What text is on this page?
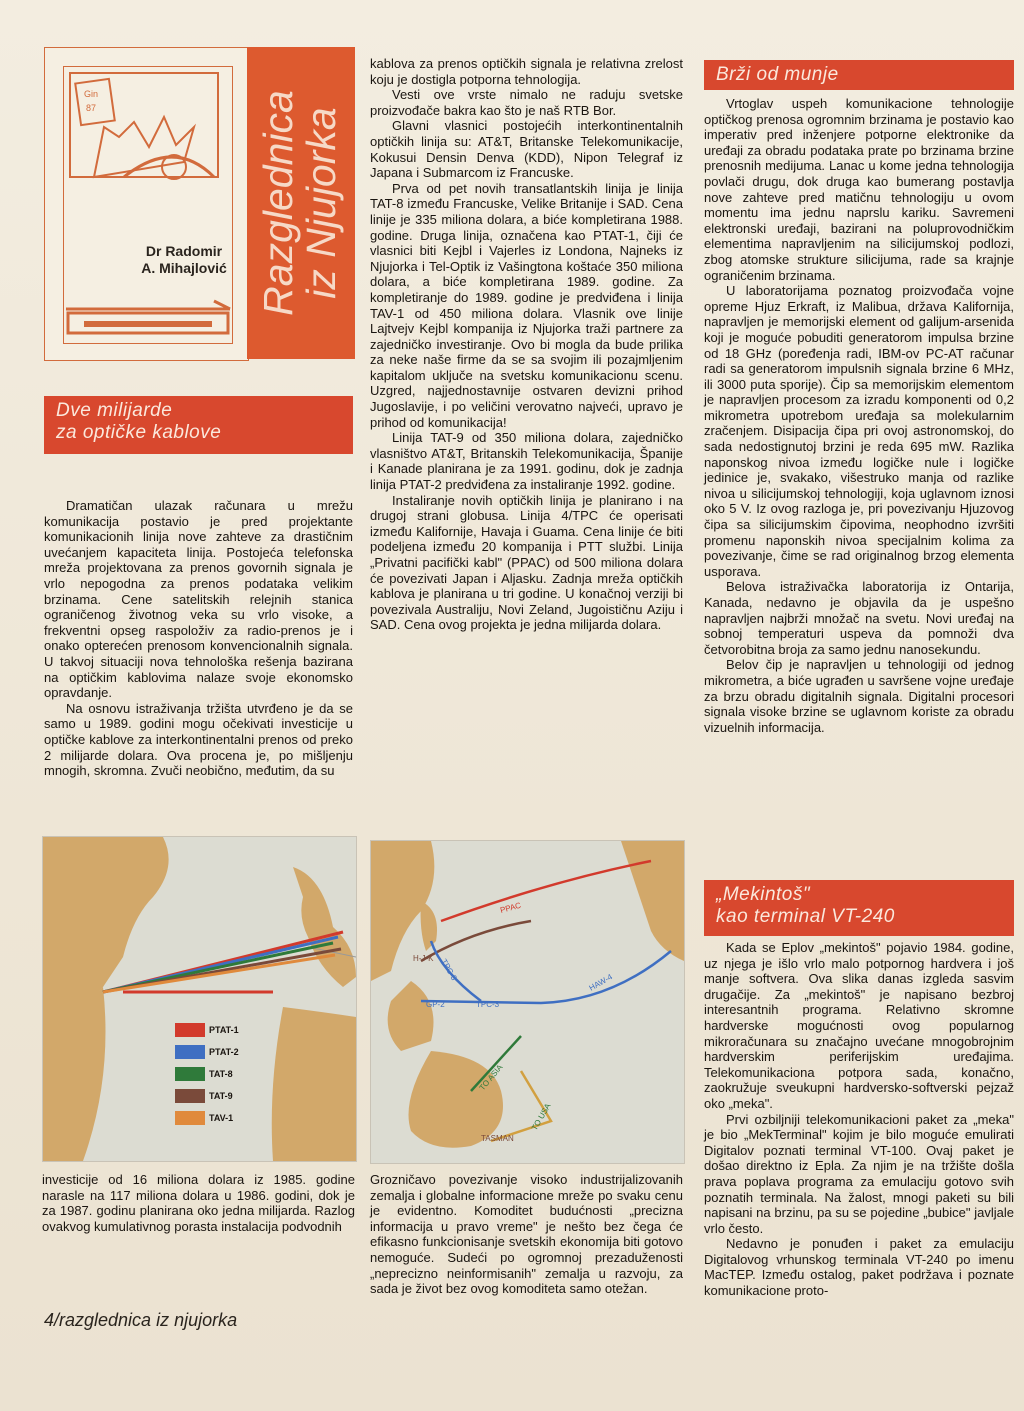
Gin
87
Dr Radomir
A. Mihajlović Razglednica
iz Njujorka
Dve milijarde
za optičke kablove

Dramatičan ulazak računara u mrežu komunikacija postavio je pred projektante komunikacionih linija nove zahteve za drastičnim uvećanjem kapaciteta linija. Postojeća telefonska mreža projektovana za prenos govornih signala je vrlo nepogodna za prenos podataka velikim brzinama. Cene satelitskih relejnih stanica ograničenog životnog veka su vrlo visoke, a frekventni opseg raspoloživ za radio-prenos je i onako opterećen prenosom konvencionalnih signala. U takvoj situaciji nova tehnološka rešenja bazirana na optičkim kablovima nalaze svoje ekonomsko opravdanje.

Na osnovu istraživanja tržišta utvrđeno je da se samo u 1989. godini mogu očekivati investicije u optičke kablove za interkontinentalni prenos od preko 2 milijarde dolara. Ova procena je, po mišljenju mnogih, skromna. Zvuči neobično, međutim, da su

kablova za prenos optičkih signala je relativna zrelost koju je dostigla potporna tehnologija.

Vesti ove vrste nimalo ne raduju svetske proizvođače bakra kao što je naš RTB Bor.

Glavni vlasnici postojećih interkontinentalnih optičkih linija su: AT&T, Britanske Telekomunikacije, Kokusui Densin Denva (KDD), Nipon Telegraf iz Japana i Submarcom iz Francuske.

Prva od pet novih transatlantskih linija je linija TAT-8 između Francuske, Velike Britanije i SAD. Cena linije je 335 miliona dolara, a biće kompletirana 1988. godine. Druga linija, označena kao PTAT-1, čiji će vlasnici biti Kejbl i Vajerles iz Londona, Najneks iz Njujorka i Tel-Optik iz Vašingtona koštaće 350 miliona dolara, a biće kompletirana 1989. godine. Za kompletiranje do 1989. godine je predviđena i linija TAV-1 od 450 miliona dolara. Vlasnik ove linije Lajtvejv Kejbl kompanija iz Njujorka traži partnere za zajedničko investiranje. Ovo bi mogla da bude prilika za neke naše firme da se sa svojim ili pozajmljenim kapitalom uključe na svetsku komunikacionu scenu. Uzgred, najjednostavnije ostvaren devizni prihod Jugoslavije, i po veličini verovatno najveći, upravo je prihod od komunikacija!

Linija TAT-9 od 350 miliona dolara, zajedničko vlasništvo AT&T, Britanskih Telekomunikacija, Španije i Kanade planirana je za 1991. godinu, dok je zadnja linija PTAT-2 predviđena za instaliranje 1992. godine.

Instaliranje novih optičkih linija je planirano i na drugoj strani globusa. Linija 4/TPC će operisati između Kalifornije, Havaja i Guama. Cena linije će biti podeljena između 20 kompanija i PTT službi. Linija „Privatni pacifički kabl" (PPAC) od 500 miliona dolara će povezivati Japan i Aljasku. Zadnja mreža optičkih kablova je planirana u tri godine. U konačnoj verziji bi povezivala Australiju, Novi Zeland, Jugoističnu Aziju i SAD. Cena ovog projekta je jedna milijarda dolara.

PTAT-1
PTAT-2
TAT-8
TAT-9
TAV-1
PPAC
H-J-K TPC-3
TPC-3
GP-2
HAW-4
TO ASIA
TO USA
TASMAN

investicije od 16 miliona dolara iz 1985. godine narasle na 117 miliona dolara u 1986. godini, dok je za 1987. godinu planirana oko jedna milijarda. Razlog ovakvog kumulativnog porasta instalacija podvodnih

Grozničavo povezivanje visoko industrijalizovanih zemalja i globalne informacione mreže po svaku cenu je evidentno. Komoditet budućnosti „precizna informacija u pravo vreme" je nešto bez čega će efikasno funkcionisanje svetskih ekonomija biti gotovo nemoguće. Sudeći po ogromnoj prezaduženosti „neprecizno neinformisanih" zemalja u razvoju, za sada je život bez ovog komoditeta samo otežan.

4/razglednica iz njujorka
Brži od munje

Vrtoglav uspeh komunikacione tehnologije optičkog prenosa ogromnim brzinama je postavio kao imperativ pred inženjere potporne elektronike da uređaji za obradu podataka prate po brzinama brzine prenosnih medijuma. Lanac u kome jedna tehnologija povlači drugu, dok druga kao bumerang postavlja nove zahteve pred matičnu tehnologiju u ovom momentu ima jednu naprslu kariku. Savremeni elektronski uređaji, bazirani na poluprovodničkim elementima napravljenim na silicijumskoj podlozi, zbog atomske strukture silicijuma, rade sa krajnje ograničenim brzinama.

U laboratorijama poznatog proizvođača vojne opreme Hjuz Erkraft, iz Malibua, država Kalifornija, napravljen je memorijski element od galijum-arsenida koji je moguće pobuditi generatorom impulsa brzine od 18 GHz (poređenja radi, IBM-ov PC-AT računar radi sa generatorom impulsnih signala brzine 6 MHz, ili 3000 puta sporije). Čip sa memorijskim elementom je napravljen procesom za izradu komponenti od 0,2 mikrometra upotrebom uređaja sa molekularnim zračenjem. Disipacija čipa pri ovoj astronomskoj, do sada nedostignutoj brzini je reda 695 mW. Razlika naponskog nivoa između logičke nule i logičke jedinice je, svakako, višestruko manja od razlike nivoa u silicijumskoj tehnologiji, koja uglavnom iznosi oko 5 V. Iz ovog razloga je, pri povezivanju Hjuzovog čipa sa silicijumskim čipovima, neophodno izvršiti promenu naponskih nivoa specijalnim kolima za povezivanje, čime se rad originalnog brzog elementa usporava.

Belova istraživačka laboratorija iz Ontarija, Kanada, nedavno je objavila da je uspešno napravljen najbrži množač na svetu. Novi uređaj na sobnoj temperaturi uspeva da pomnoži dva četvorobitna broja za samo jednu nanosekundu.

Belov čip je napravljen u tehnologiji od jednog mikrometra, a biće ugrađen u savršene vojne uređaje za brzu obradu digitalnih signala. Digitalni procesori signala visoke brzine se uglavnom koriste za obradu vizuelnih informacija.

„Mekintoš"
kao terminal VT-240

Kada se Eplov „mekintoš" pojavio 1984. godine, uz njega je išlo vrlo malo potpornog hardvera i još manje softvera. Ova slika danas izgleda sasvim drugačije. Za „mekintoš" je napisano bezbroj interesantnih programa. Relativno skromne hardverske mogućnosti ovog popularnog mikroračunara su značajno uvećane mnogobrojnim hardverskim periferijskim uređajima. Telekomunikaciona potpora sada, konačno, zaokružuje sveukupni hardversko-softverski pejzaž oko „meka".

Prvi ozbiljniji telekomunikacioni paket za „meka" je bio „MekTerminal" kojim je bilo moguće emulirati Digitalov poznati terminal VT-100. Ovaj paket je došao direktno iz Epla. Za njim je na tržište došla prava poplava programa za emulaciju gotovo svih poznatih terminala. Na žalost, mnogi paketi su bili napisani na brzinu, pa su se pojedine „bubice" javljale vrlo često.

Nedavno je ponuđen i paket za emulaciju Digitalovog vrhunskog terminala VT-240 po imenu MacTEP. Između ostalog, paket podržava i poznate komunikacione proto-
